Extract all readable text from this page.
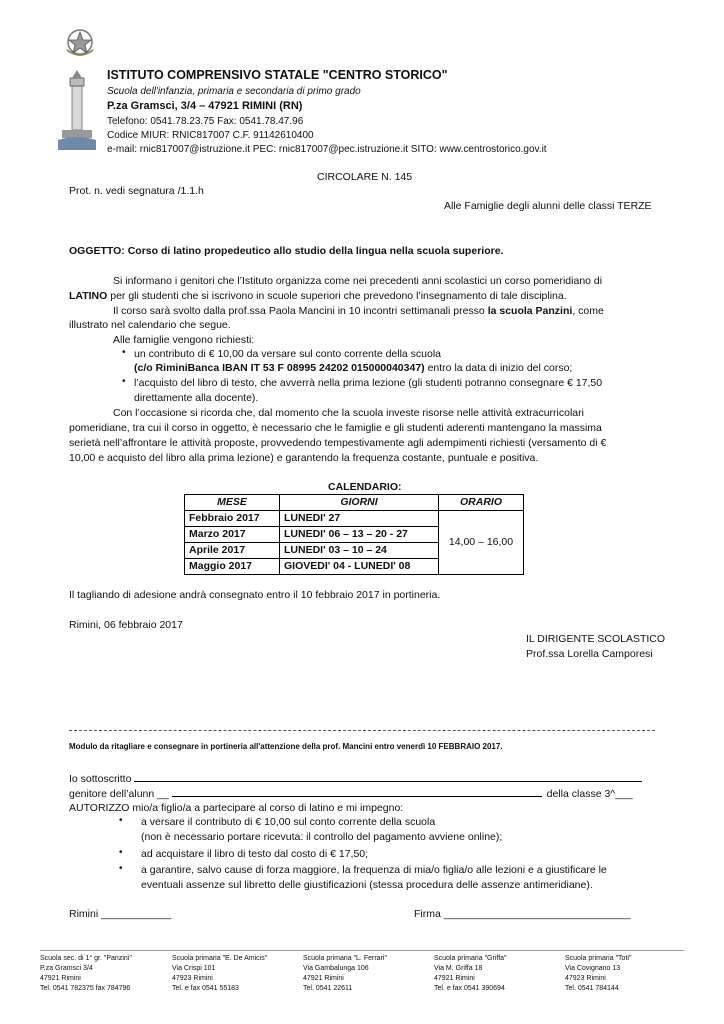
ISTITUTO COMPRENSIVO STATALE "CENTRO STORICO"
Scuola dell'infanzia, primaria e secondaria di primo grado
P.za Gramsci, 3/4 – 47921 RIMINI (RN)
Telefono: 0541.78.23.75 Fax: 0541.78.47.96
Codice MIUR: RNIC817007 C.F. 91142610400
e-mail: rnic817007@istruzione.it PEC: rnic817007@pec.istruzione.it SITO: www.centrostorico.gov.it
CIRCOLARE N. 145
Prot. n. vedi segnatura /1.1.h
Alle Famiglie degli alunni delle classi TERZE
OGGETTO: Corso di latino propedeutico allo studio della lingua nella scuola superiore.
Si informano i genitori che l’Istituto organizza come nei precedenti anni scolastici un corso pomeridiano di
LATINO per gli studenti che si iscrivono in scuole superiori che prevedono l’insegnamento di tale disciplina.
Il corso sarà svolto dalla prof.ssa Paola Mancini in 10 incontri settimanali presso la scuola Panzini, come
illustrato nel calendario che segue.
Alle famiglie vengono richiesti:
• un contributo di € 10,00 da versare sul conto corrente della scuola
(c/o RiminiBanca IBAN IT 53 F 08995 24202 015000040347) entro la data di inizio del corso;
• l’acquisto del libro di testo, che avverrà nella prima lezione (gli studenti potranno consegnare € 17,50
direttamente alla docente).
Con l’occasione si ricorda che, dal momento che la scuola investe risorse nelle attività extracurricolari
pomeridiane, tra cui il corso in oggetto, è necessario che le famiglie e gli studenti aderenti mantengano la massima
serietà nell’affrontare le attività proposte, provvedendo tempestivamente agli adempimenti richiesti (versamento di €
10,00 e acquisto del libro alla prima lezione) e garantendo la frequenza costante, puntuale e positiva.
CALENDARIO:
MESE	GIORNI	ORARIO
Febbraio 2017	LUNEDI' 27	14,00 – 16,00
Marzo 2017	LUNEDI' 06 – 13 – 20 - 27	
Aprile 2017	LUNEDI' 03 – 10 – 24	
Maggio 2017	GIOVEDI' 04 - LUNEDI' 08	
Il tagliando di adesione andrà consegnato entro il 10 febbraio 2017 in portineria.
Rimini, 06 febbraio 2017
IL DIRIGENTE SCOLASTICO
Prof.ssa Lorella Camporesi
Modulo da ritagliare e consegnare in portineria all'attenzione della prof. Mancini entro venerdì 10 FEBBRAIO 2017.
Io sottoscritto
genitore dell’alunn __	della classe 3^___
AUTORIZZO mio/a figlio/a a partecipare al corso di latino e mi impegno:
• a versare il contributo di € 10,00 sul conto corrente della scuola
(non è necessario portare ricevuta: il controllo del pagamento avviene online);
• ad acquistare il libro di testo dal costo di € 17,50;
• a garantire, salvo cause di forza maggiore, la frequenza di mia/o figlia/o alle lezioni e a giustificare le
eventuali assenze sul libretto delle giustificazioni (stessa procedura delle assenze antimeridiane).
Rimini ____________	Firma ________________________________
Scuola sec. di 1° gr. "Panzini"
P.za Gramsci 3/4
47921 Rimini
Tel. 0541 782375 fax 784796
Scuola primaria "E. De Amicis"
Via Crispi 101
47923 Rimini
Tel. e fax 0541 55183
Scuola primaria "L. Ferrari"
Via Gambalunga 106
47921 Rimini
Tel. 0541 22611
Scuola primaria "Griffa"
Via M. Griffa 18
47921 Rimini
Tel. e fax 0541 390694
Scuola primaria "Toti"
Via Covignano 13
47923 Rimini
Tel. 0541 784144
